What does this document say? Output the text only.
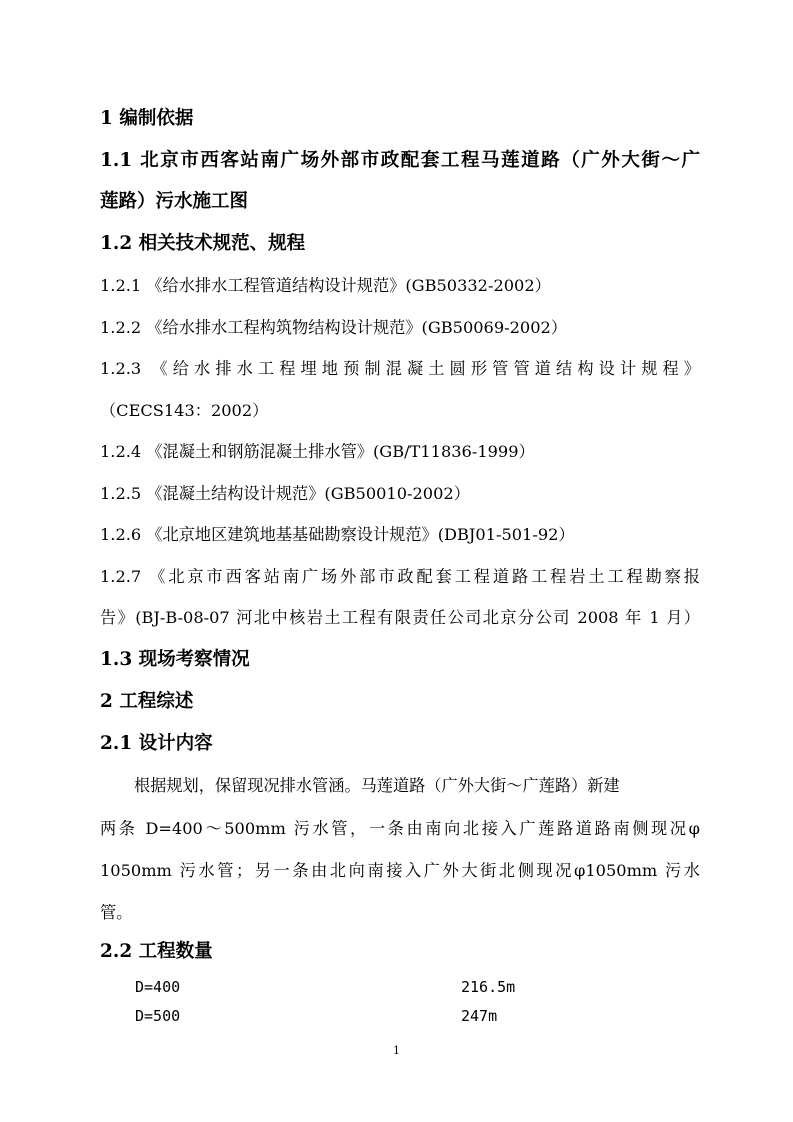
1 编制依据
1.1 北京市西客站南广场外部市政配套工程马莲道路（广外大街～广
莲路）污水施工图
1.2 相关技术规范、规程
1.2.1 《给水排水工程管道结构设计规范》(GB50332-2002）
1.2.2 《给水排水工程构筑物结构设计规范》(GB50069-2002）
1.2.3 《给水排水工程埋地预制混凝土圆形管管道结构设计规程》
（CECS143：2002）
1.2.4 《混凝土和钢筋混凝土排水管》(GB/T11836-1999）
1.2.5 《混凝土结构设计规范》(GB50010-2002）
1.2.6 《北京地区建筑地基基础勘察设计规范》(DBJ01-501-92）
1.2.7 《北京市西客站南广场外部市政配套工程道路工程岩土工程勘察报
告》(BJ-B-08-07 河北中核岩土工程有限责任公司北京分公司 2008 年 1 月）
1.3 现场考察情况
2 工程综述
2.1 设计内容
根据规划，保留现况排水管涵。马莲道路（广外大街～广莲路）新建
两条 D=400～500mm 污水管，一条由南向北接入广莲路道路南侧现况φ
1050mm 污水管；另一条由北向南接入广外大街北侧现况φ1050mm 污水
管。
2.2 工程数量
D=400	216.5m
D=500	247m
1
